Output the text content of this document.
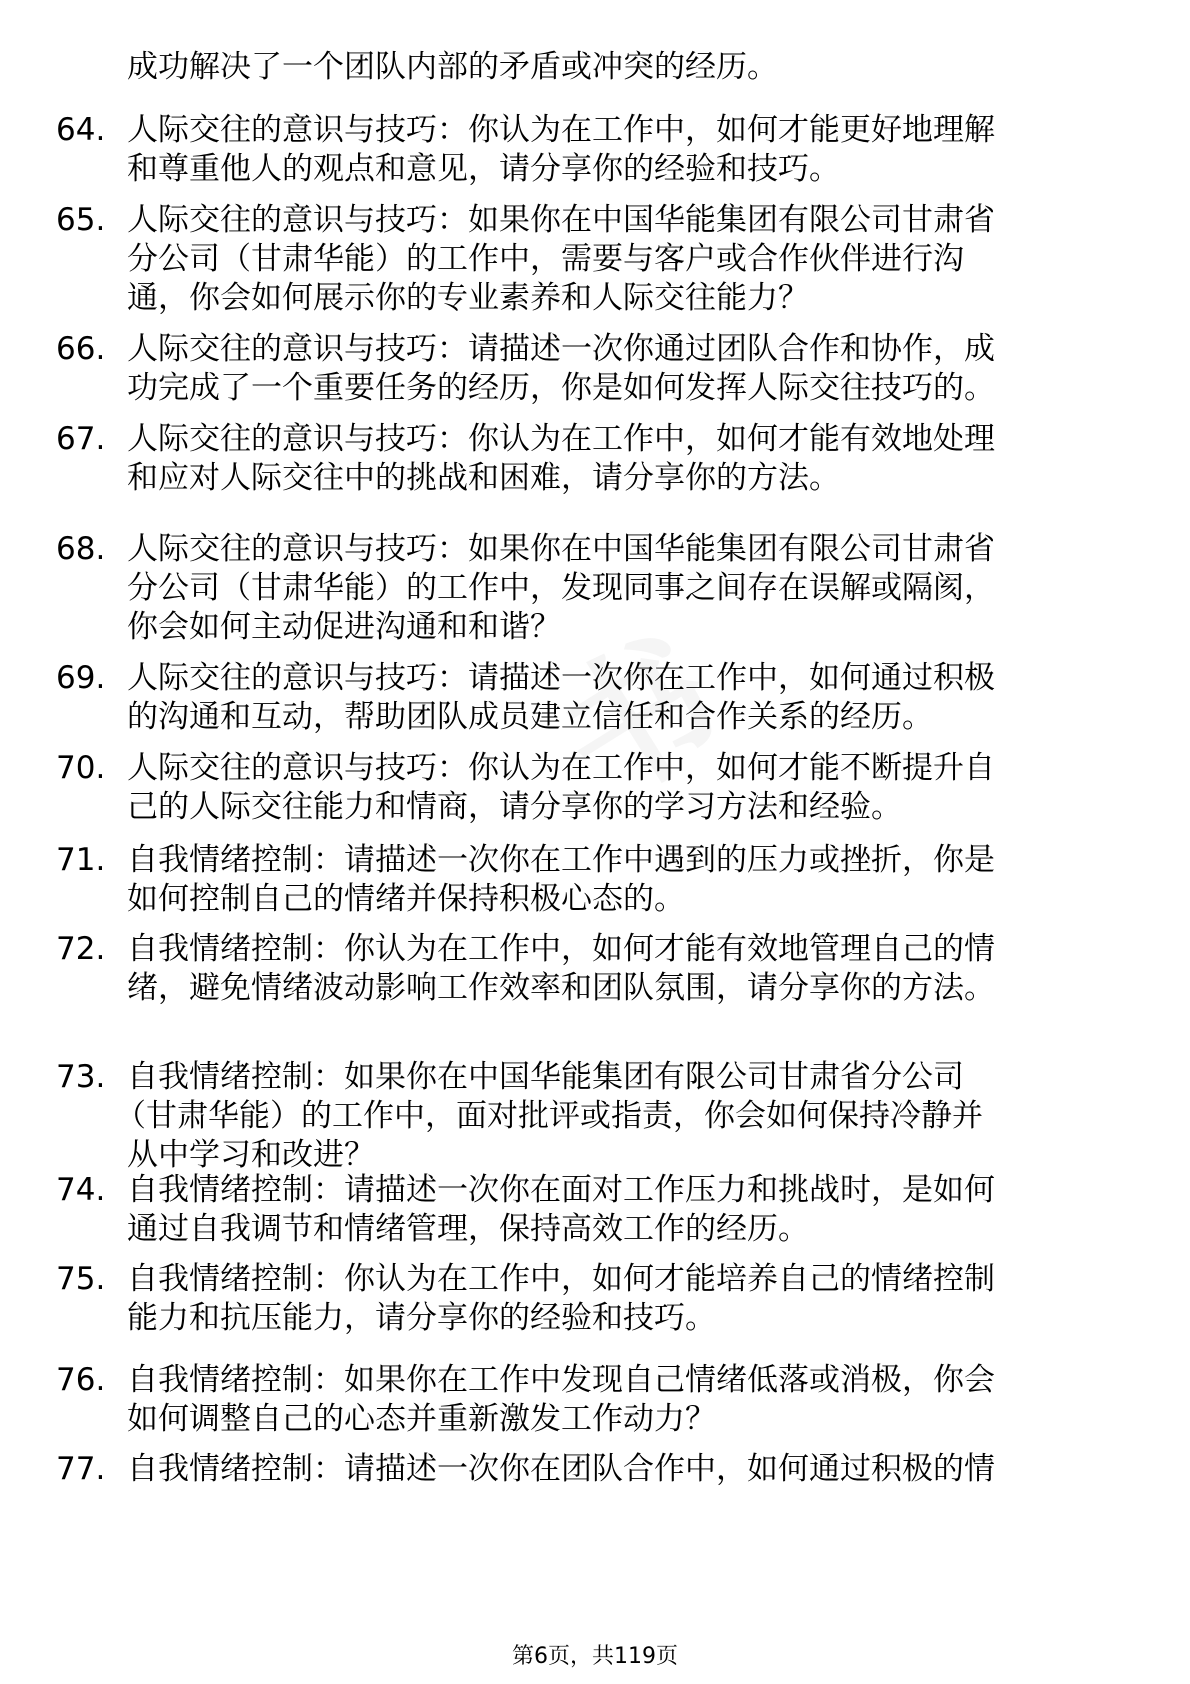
成功解决了一个团队内部的矛盾或冲突的经历。
64. 人际交往的意识与技巧：你认为在工作中，如何才能更好地理解
和尊重他人的观点和意见，请分享你的经验和技巧。
65. 人际交往的意识与技巧：如果你在中国华能集团有限公司甘肃省
分公司（甘肃华能）的工作中，需要与客户或合作伙伴进行沟
通，你会如何展示你的专业素养和人际交往能力？
66. 人际交往的意识与技巧：请描述一次你通过团队合作和协作，成
功完成了一个重要任务的经历，你是如何发挥人际交往技巧的。
67. 人际交往的意识与技巧：你认为在工作中，如何才能有效地处理
和应对人际交往中的挑战和困难，请分享你的方法。
68. 人际交往的意识与技巧：如果你在中国华能集团有限公司甘肃省
分公司（甘肃华能）的工作中，发现同事之间存在误解或隔阂，
你会如何主动促进沟通和和谐？
69. 人际交往的意识与技巧：请描述一次你在工作中，如何通过积极
的沟通和互动，帮助团队成员建立信任和合作关系的经历。
70. 人际交往的意识与技巧：你认为在工作中，如何才能不断提升自
己的人际交往能力和情商，请分享你的学习方法和经验。
71. 自我情绪控制：请描述一次你在工作中遇到的压力或挫折，你是
如何控制自己的情绪并保持积极心态的。
72. 自我情绪控制：你认为在工作中，如何才能有效地管理自己的情
绪，避免情绪波动影响工作效率和团队氛围，请分享你的方法。
73. 自我情绪控制：如果你在中国华能集团有限公司甘肃省分公司
（甘肃华能）的工作中，面对批评或指责，你会如何保持冷静并
从中学习和改进？
74. 自我情绪控制：请描述一次你在面对工作压力和挑战时，是如何
通过自我调节和情绪管理，保持高效工作的经历。
75. 自我情绪控制：你认为在工作中，如何才能培养自己的情绪控制
能力和抗压能力，请分享你的经验和技巧。
76. 自我情绪控制：如果你在工作中发现自己情绪低落或消极，你会
如何调整自己的心态并重新激发工作动力？
77. 自我情绪控制：请描述一次你在团队合作中，如何通过积极的情
第6页，共119页
